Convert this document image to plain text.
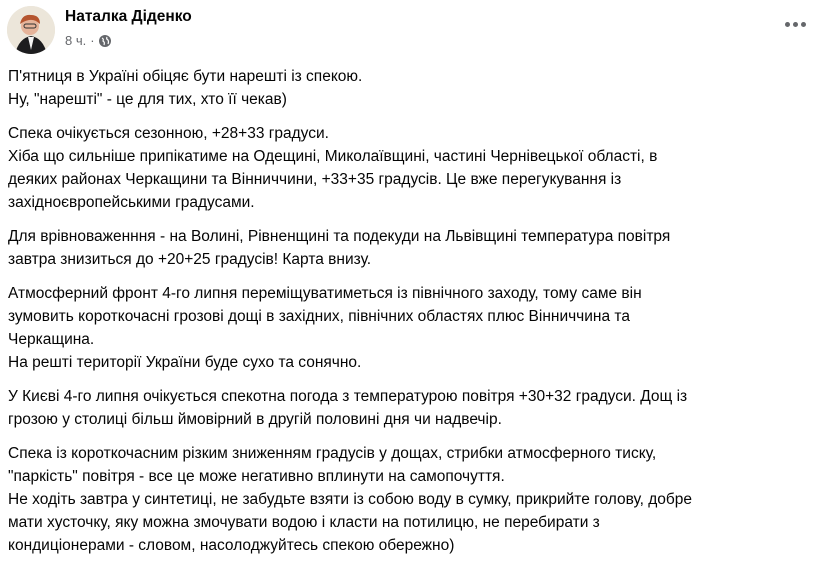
Наталка Діденко
8 ч. ·
П'ятниця в Україні обіцяє бути нарешті із спекою.
Ну, "нарешті" - це для тих, хто її чекав)
Спека очікується сезонною, +28+33 градуси.
Хіба що сильніше припікатиме на Одещині, Миколаївщині, частині Чернівецької області, в
деяких районах Черкащини та Вінниччини, +33+35 градусів. Це вже перегукування із
західноєвропейськими градусами.
Для врівноваженння - на Волині, Рівненщині та подекуди на Львівщині температура повітря
завтра знизиться до +20+25 градусів! Карта внизу.
Атмосферний фронт 4-го липня переміщуватиметься із північного заходу, тому саме він
зумовить короткочасні грозові дощі в західних, північних областях плюс Вінниччина та
Черкащина.
На решті території України буде сухо та сонячно.
У Києві 4-го липня очікується спекотна погода з температурою повітря +30+32 градуси. Дощ із
грозою у столиці більш ймовірний в другій половині дня чи надвечір.
Спека із короткочасним різким зниженням градусів у дощах, стрибки атмосферного тиску,
"паркість" повітря - все це може негативно вплинути на самопочуття.
Не ходіть завтра у синтетиці, не забудьте взяти із собою воду в сумку, прикрийте голову, добре
мати хусточку, яку можна змочувати водою і класти на потилицю, не перебирати з
кондиціонерами - словом, насолоджуйтесь спекою обережно)
